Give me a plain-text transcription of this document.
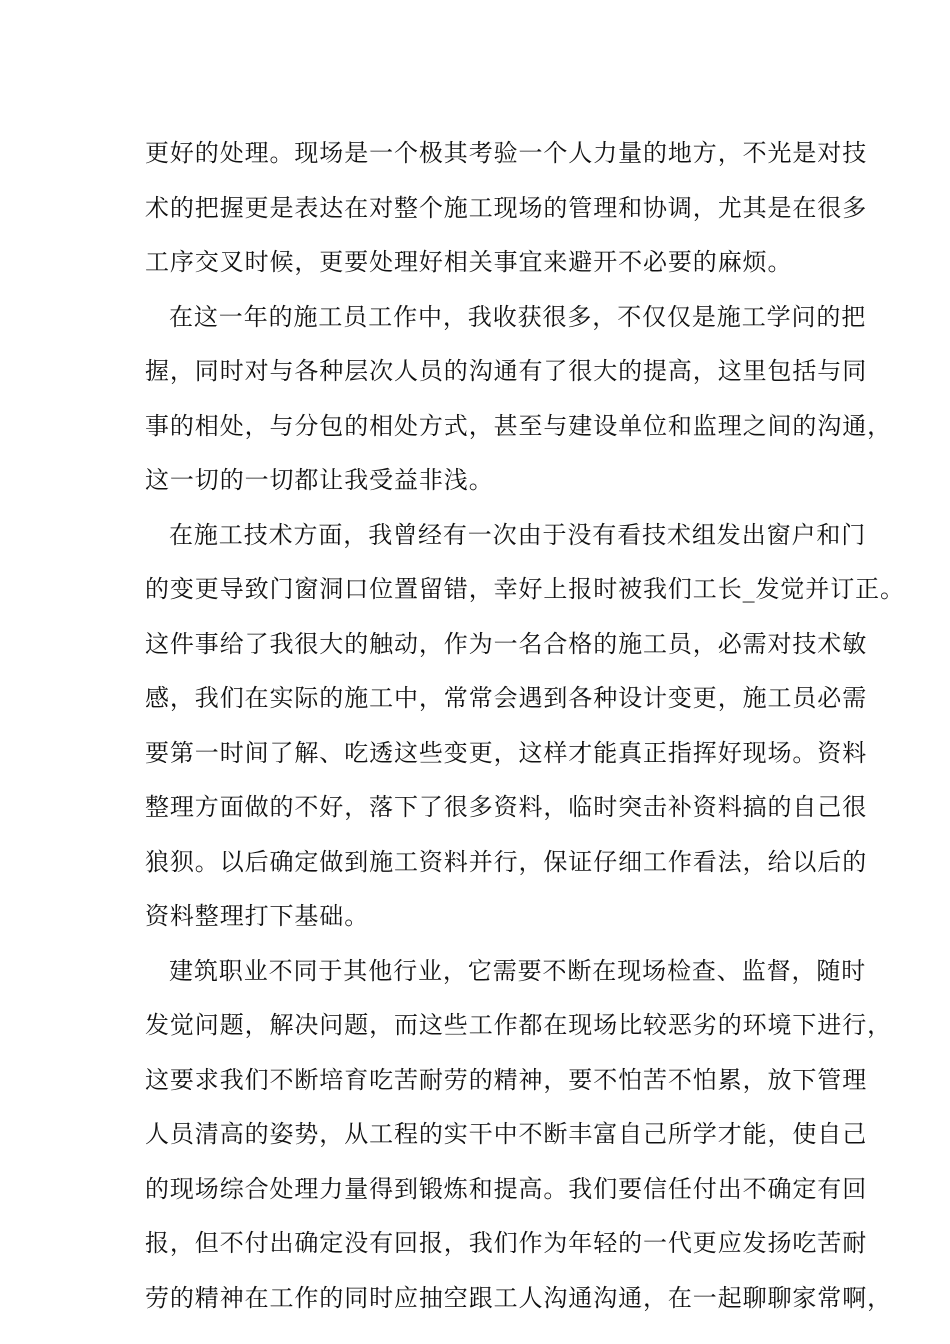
更好的处理。现场是一个极其考验一个人力量的地方，不光是对技
术的把握更是表达在对整个施工现场的管理和协调，尤其是在很多
工序交叉时候，更要处理好相关事宜来避开不必要的麻烦。
在这一年的施工员工作中，我收获很多，不仅仅是施工学问的把
握，同时对与各种层次人员的沟通有了很大的提高，这里包括与同
事的相处，与分包的相处方式，甚至与建设单位和监理之间的沟通，
这一切的一切都让我受益非浅。
在施工技术方面，我曾经有一次由于没有看技术组发出窗户和门
的变更导致门窗洞口位置留错，幸好上报时被我们工长_发觉并订正。
这件事给了我很大的触动，作为一名合格的施工员，必需对技术敏
感，我们在实际的施工中，常常会遇到各种设计变更，施工员必需
要第一时间了解、吃透这些变更，这样才能真正指挥好现场。资料
整理方面做的不好，落下了很多资料，临时突击补资料搞的自己很
狼狈。以后确定做到施工资料并行，保证仔细工作看法，给以后的
资料整理打下基础。
建筑职业不同于其他行业，它需要不断在现场检查、监督，随时
发觉问题，解决问题，而这些工作都在现场比较恶劣的环境下进行，
这要求我们不断培育吃苦耐劳的精神，要不怕苦不怕累，放下管理
人员清高的姿势，从工程的实干中不断丰富自己所学才能，使自己
的现场综合处理力量得到锻炼和提高。我们要信任付出不确定有回
报，但不付出确定没有回报，我们作为年轻的一代更应发扬吃苦耐
劳的精神在工作的同时应抽空跟工人沟通沟通，在一起聊聊家常啊，
